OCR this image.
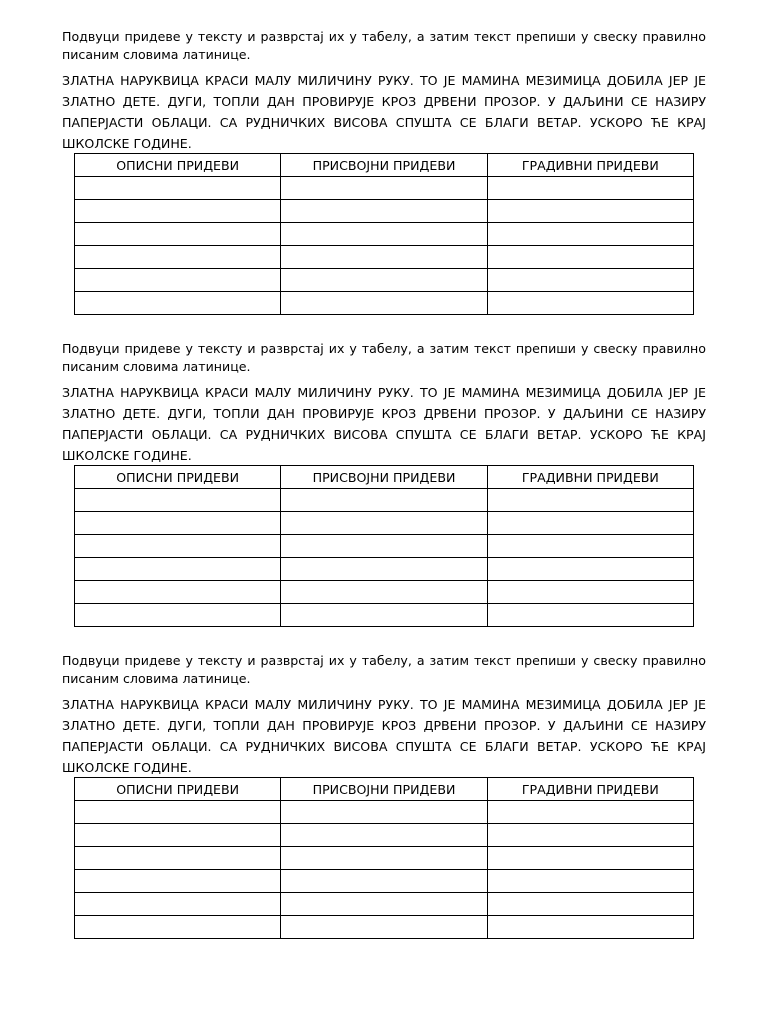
Подвуци придеве у тексту и разврстај их у табелу, а затим текст препиши у свеску правилно писаним словима латинице.

ЗЛАТНА НАРУКВИЦА КРАСИ МАЛУ МИЛИЧИНУ РУКУ. ТО ЈЕ МАМИНА МЕЗИМИЦА ДОБИЛА ЈЕР ЈЕ ЗЛАТНО ДЕТЕ. ДУГИ, ТОПЛИ ДАН ПРОВИРУЈЕ КРОЗ ДРВЕНИ ПРОЗОР. У ДАЉИНИ СЕ НАЗИРУ ПАПЕРЈАСТИ ОБЛАЦИ. СА РУДНИЧКИХ ВИСОВА СПУШТА СЕ БЛАГИ ВЕТАР. УСКОРО ЋЕ КРАЈ ШКОЛСКЕ ГОДИНЕ.

ОПИСНИ ПРИДЕВИ	ПРИСВОЈНИ ПРИДЕВИ	ГРАДИВНИ ПРИДЕВИ

Подвуци придеве у тексту и разврстај их у табелу, а затим текст препиши у свеску правилно писаним словима латинице.

ЗЛАТНА НАРУКВИЦА КРАСИ МАЛУ МИЛИЧИНУ РУКУ. ТО ЈЕ МАМИНА МЕЗИМИЦА ДОБИЛА ЈЕР ЈЕ ЗЛАТНО ДЕТЕ. ДУГИ, ТОПЛИ ДАН ПРОВИРУЈЕ КРОЗ ДРВЕНИ ПРОЗОР. У ДАЉИНИ СЕ НАЗИРУ ПАПЕРЈАСТИ ОБЛАЦИ. СА РУДНИЧКИХ ВИСОВА СПУШТА СЕ БЛАГИ ВЕТАР. УСКОРО ЋЕ КРАЈ ШКОЛСКЕ ГОДИНЕ.

ОПИСНИ ПРИДЕВИ	ПРИСВОЈНИ ПРИДЕВИ	ГРАДИВНИ ПРИДЕВИ

Подвуци придеве у тексту и разврстај их у табелу, а затим текст препиши у свеску правилно писаним словима латинице.

ЗЛАТНА НАРУКВИЦА КРАСИ МАЛУ МИЛИЧИНУ РУКУ. ТО ЈЕ МАМИНА МЕЗИМИЦА ДОБИЛА ЈЕР ЈЕ ЗЛАТНО ДЕТЕ. ДУГИ, ТОПЛИ ДАН ПРОВИРУЈЕ КРОЗ ДРВЕНИ ПРОЗОР. У ДАЉИНИ СЕ НАЗИРУ ПАПЕРЈАСТИ ОБЛАЦИ. СА РУДНИЧКИХ ВИСОВА СПУШТА СЕ БЛАГИ ВЕТАР. УСКОРО ЋЕ КРАЈ ШКОЛСКЕ ГОДИНЕ.

ОПИСНИ ПРИДЕВИ	ПРИСВОЈНИ ПРИДЕВИ	ГРАДИВНИ ПРИДЕВИ
